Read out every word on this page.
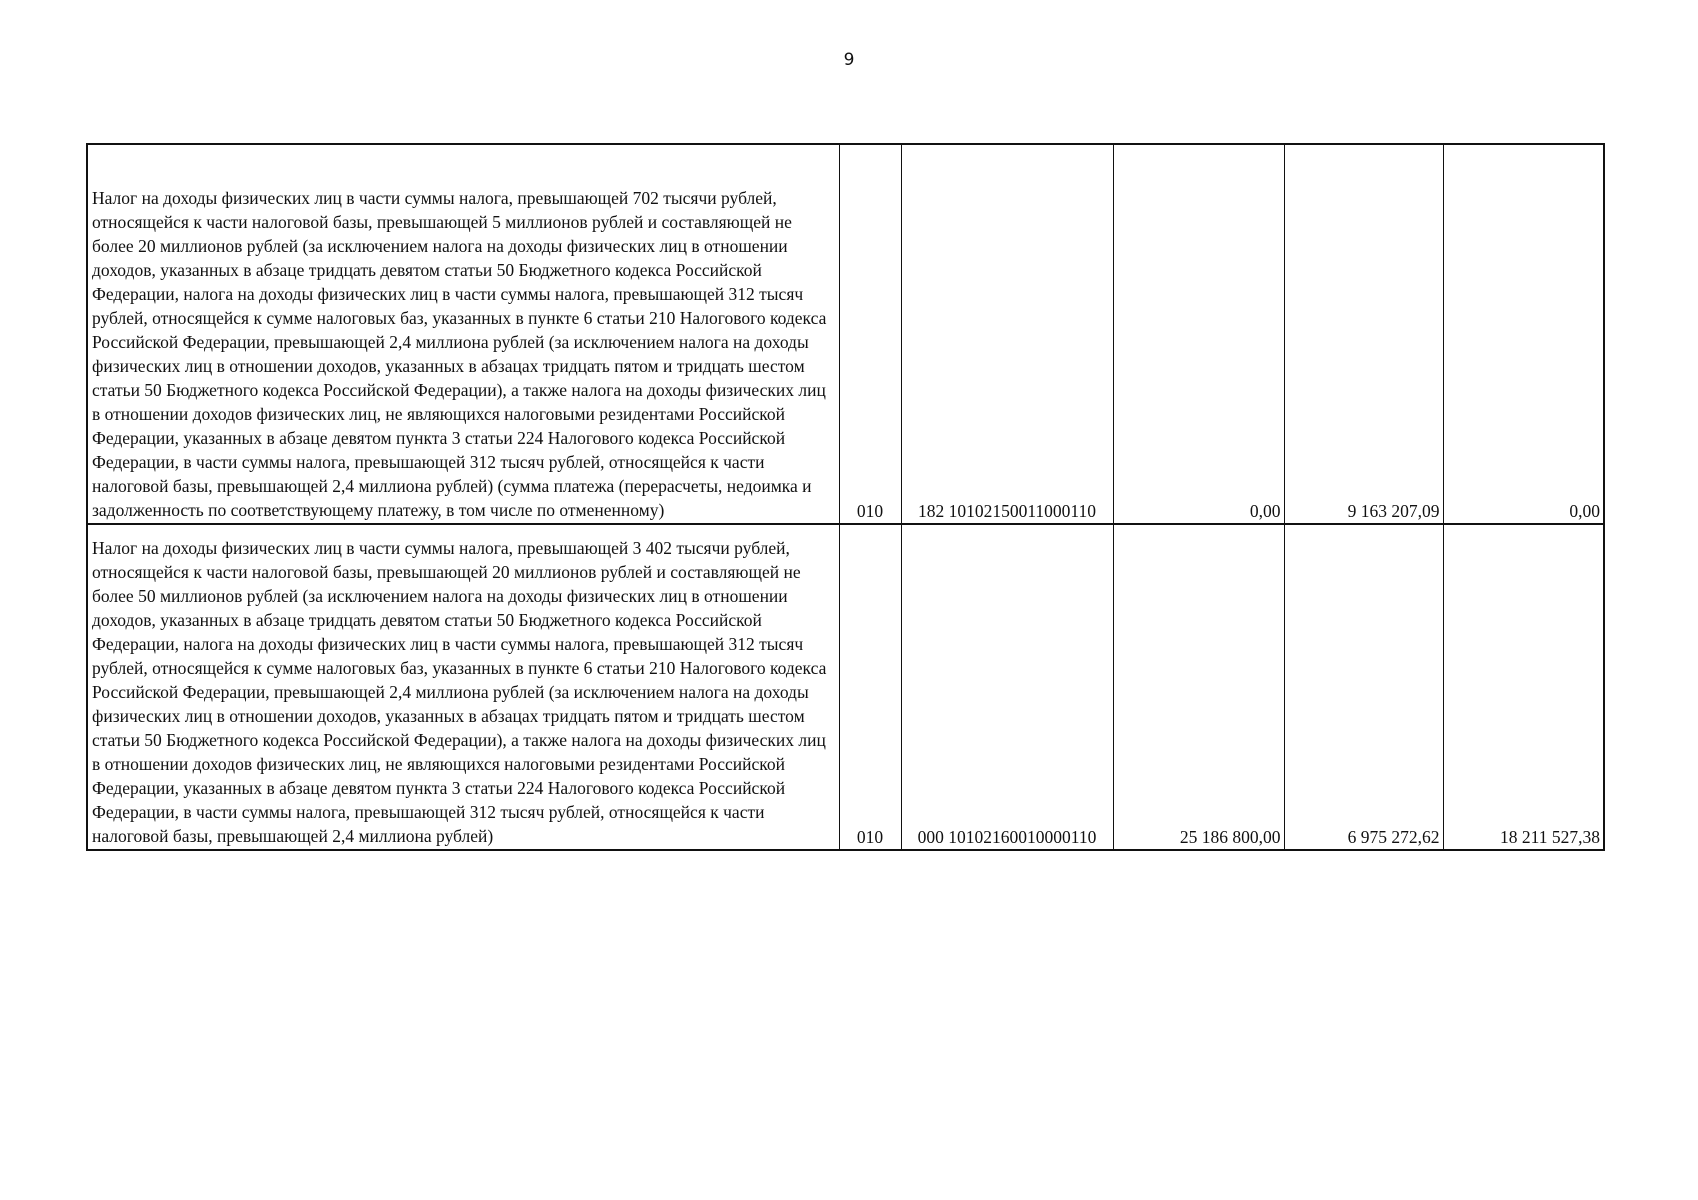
9
Налог на доходы физических лиц в части суммы налога, превышающей 702 тысячи рублей, относящейся к части налоговой базы, превышающей 5 миллионов рублей и составляющей не более 20 миллионов рублей (за исключением налога на доходы физических лиц в отношении доходов, указанных в абзаце тридцать девятом статьи 50 Бюджетного кодекса Российской Федерации, налога на доходы физических лиц в части суммы налога, превышающей 312 тысяч рублей, относящейся к сумме налоговых баз, указанных в пункте 6 статьи 210 Налогового кодекса Российской Федерации, превышающей 2,4 миллиона рублей (за исключением налога на доходы физических лиц в отношении доходов, указанных в абзацах тридцать пятом и тридцать шестом статьи 50 Бюджетного кодекса Российской Федерации), а также налога на доходы физических лиц в отношении доходов физических лиц, не являющихся налоговыми резидентами Российской Федерации, указанных в абзаце девятом пункта 3 статьи 224 Налогового кодекса Российской Федерации, в части суммы налога, превышающей 312 тысяч рублей, относящейся к части налоговой базы, превышающей 2,4 миллиона рублей) (сумма платежа (перерасчеты, недоимка и задолженность по соответствующему платежу, в том числе по отмененному)	010	182 10102150011000110	0,00	9 163 207,09	0,00

Налог на доходы физических лиц в части суммы налога, превышающей 3 402 тысячи рублей, относящейся к части налоговой базы, превышающей 20 миллионов рублей и составляющей не более 50 миллионов рублей (за исключением налога на доходы физических лиц в отношении доходов, указанных в абзаце тридцать девятом статьи 50 Бюджетного кодекса Российской Федерации, налога на доходы физических лиц в части суммы налога, превышающей 312 тысяч рублей, относящейся к сумме налоговых баз, указанных в пункте 6 статьи 210 Налогового кодекса Российской Федерации, превышающей 2,4 миллиона рублей (за исключением налога на доходы физических лиц в отношении доходов, указанных в абзацах тридцать пятом и тридцать шестом статьи 50 Бюджетного кодекса Российской Федерации), а также налога на доходы физических лиц в отношении доходов физических лиц, не являющихся налоговыми резидентами Российской Федерации, указанных в абзаце девятом пункта 3 статьи 224 Налогового кодекса Российской Федерации, в части суммы налога, превышающей 312 тысяч рублей, относящейся к части налоговой базы, превышающей 2,4 миллиона рублей)	010	000 10102160010000110	25 186 800,00	6 975 272,62	18 211 527,38
